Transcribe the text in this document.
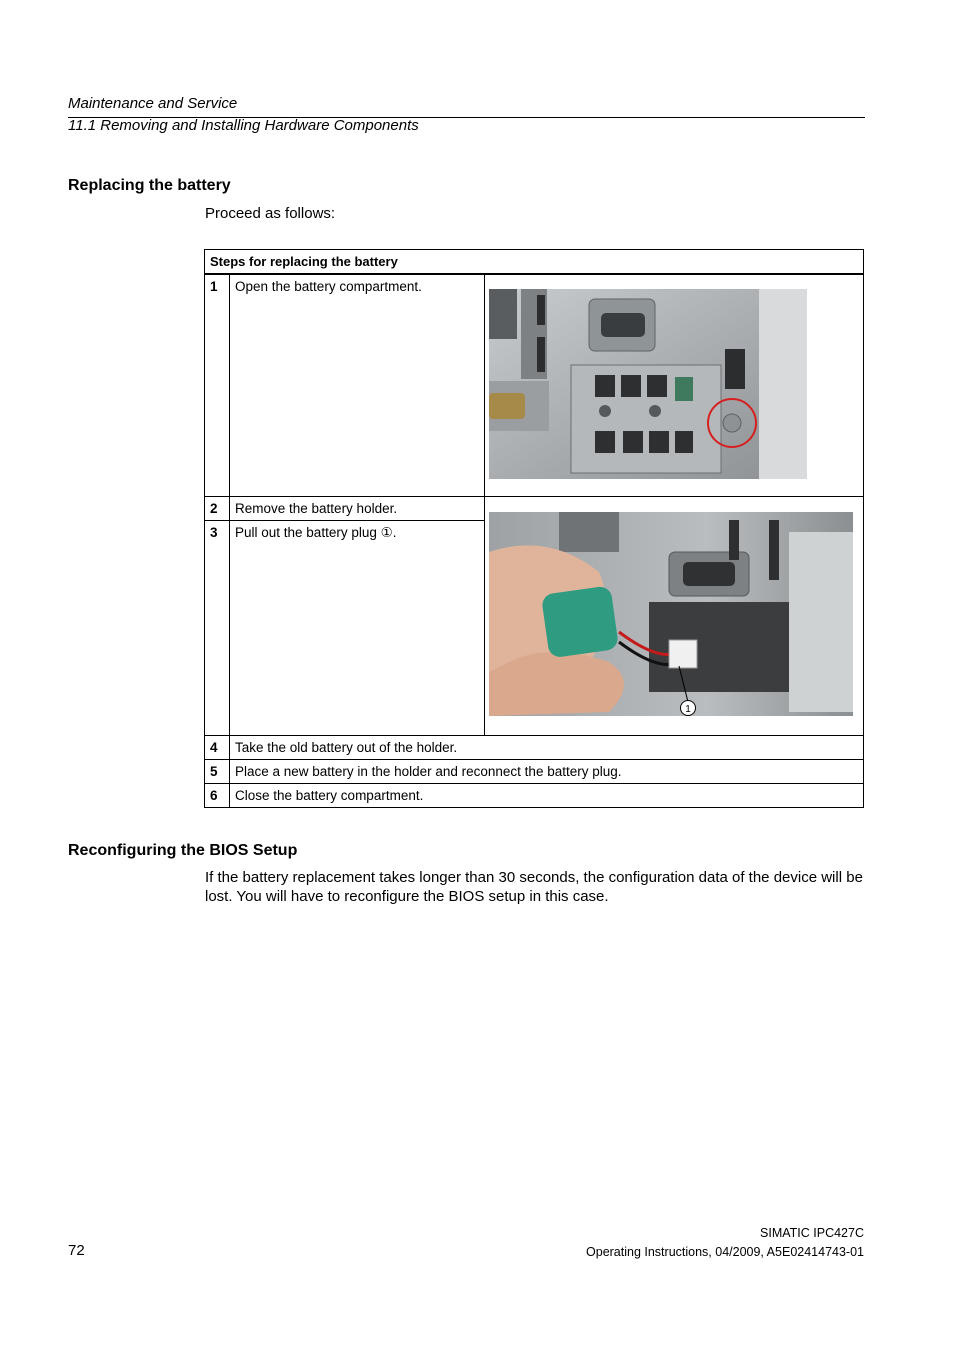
Maintenance and Service
11.1 Removing and Installing Hardware Components
Replacing the battery
Proceed as follows:
Steps for replacing the battery		
1	Open the battery compartment.	
2	Remove the battery holder.	1

3	Pull out the battery plug ①.	
4	Take the old battery out of the holder.	
5	Place a new battery in the holder and reconnect the battery plug.	
6	Close the battery compartment.	
Reconfiguring the BIOS Setup
If the battery replacement takes longer than 30 seconds, the configuration data of the device will be lost. You will have to reconfigure the BIOS setup in this case.
SIMATIC IPC427C
Operating Instructions, 04/2009, A5E02414743-01
72
